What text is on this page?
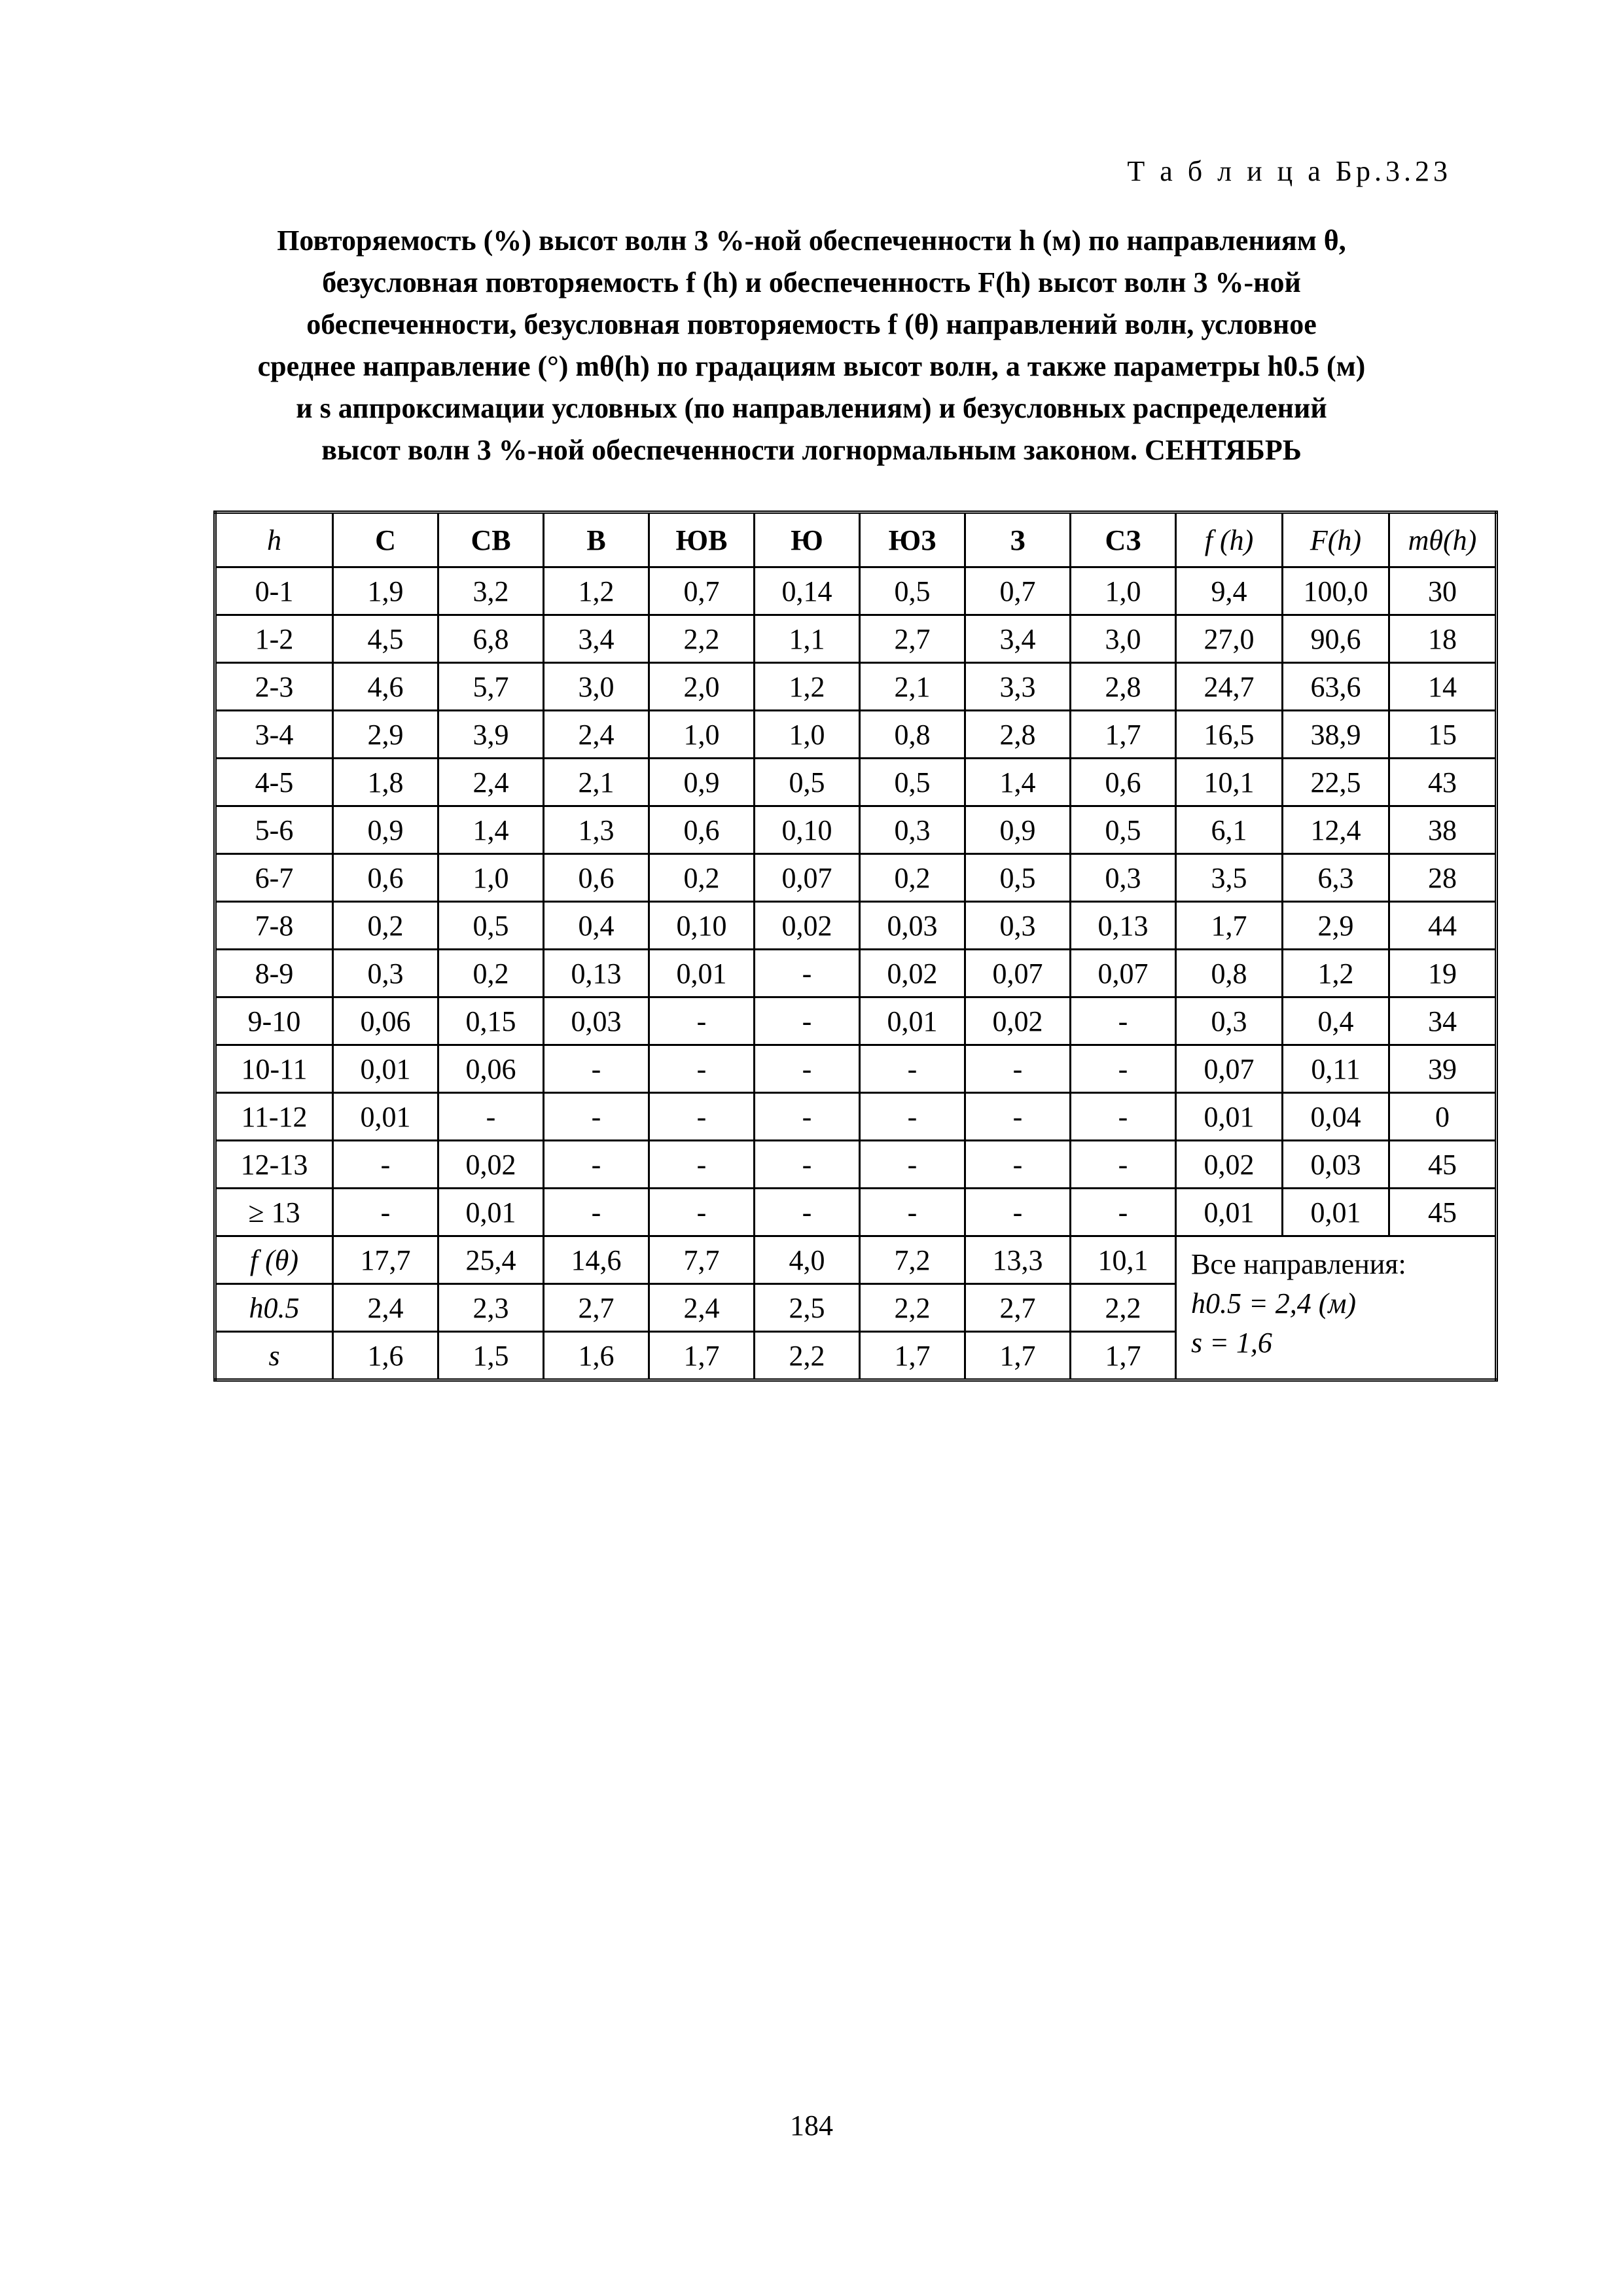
Т а б л и ц а Бр.3.23
Повторяемость (%) высот волн 3 %-ной обеспеченности h (м) по направлениям θ,
безусловная повторяемость f (h) и обеспеченность F(h) высот волн 3 %-ной
обеспеченности, безусловная повторяемость f (θ) направлений волн, условное
среднее направление (°) mθ(h) по градациям высот волн, а также параметры h0.5 (м)
и s аппроксимации условных (по направлениям) и безусловных распределений
высот волн 3 %-ной обеспеченности логнормальным законом. СЕНТЯБРЬ
h	С	СВ	В	ЮВ	Ю	ЮЗ	З	СЗ	f (h)	F(h)	mθ(h)
0-1	1,9	3,2	1,2	0,7	0,14	0,5	0,7	1,0	9,4	100,0	30
1-2	4,5	6,8	3,4	2,2	1,1	2,7	3,4	3,0	27,0	90,6	18
2-3	4,6	5,7	3,0	2,0	1,2	2,1	3,3	2,8	24,7	63,6	14
3-4	2,9	3,9	2,4	1,0	1,0	0,8	2,8	1,7	16,5	38,9	15
4-5	1,8	2,4	2,1	0,9	0,5	0,5	1,4	0,6	10,1	22,5	43
5-6	0,9	1,4	1,3	0,6	0,10	0,3	0,9	0,5	6,1	12,4	38
6-7	0,6	1,0	0,6	0,2	0,07	0,2	0,5	0,3	3,5	6,3	28
7-8	0,2	0,5	0,4	0,10	0,02	0,03	0,3	0,13	1,7	2,9	44
8-9	0,3	0,2	0,13	0,01	-	0,02	0,07	0,07	0,8	1,2	19
9-10	0,06	0,15	0,03	-	-	0,01	0,02	-	0,3	0,4	34
10-11	0,01	0,06	-	-	-	-	-	-	0,07	0,11	39
11-12	0,01	-	-	-	-	-	-	-	0,01	0,04	0
12-13	-	0,02	-	-	-	-	-	-	0,02	0,03	45
≥ 13	-	0,01	-	-	-	-	-	-	0,01	0,01	45
f (θ)	17,7	25,4	14,6	7,7	4,0	7,2	13,3	10,1	Все направления:
h0.5 = 2,4 (м)
s = 1,6		

h0.5	2,4	2,3	2,7	2,4	2,5	2,2	2,7	2,2			
s	1,6	1,5	1,6	1,7	2,2	1,7	1,7	1,7			
184
